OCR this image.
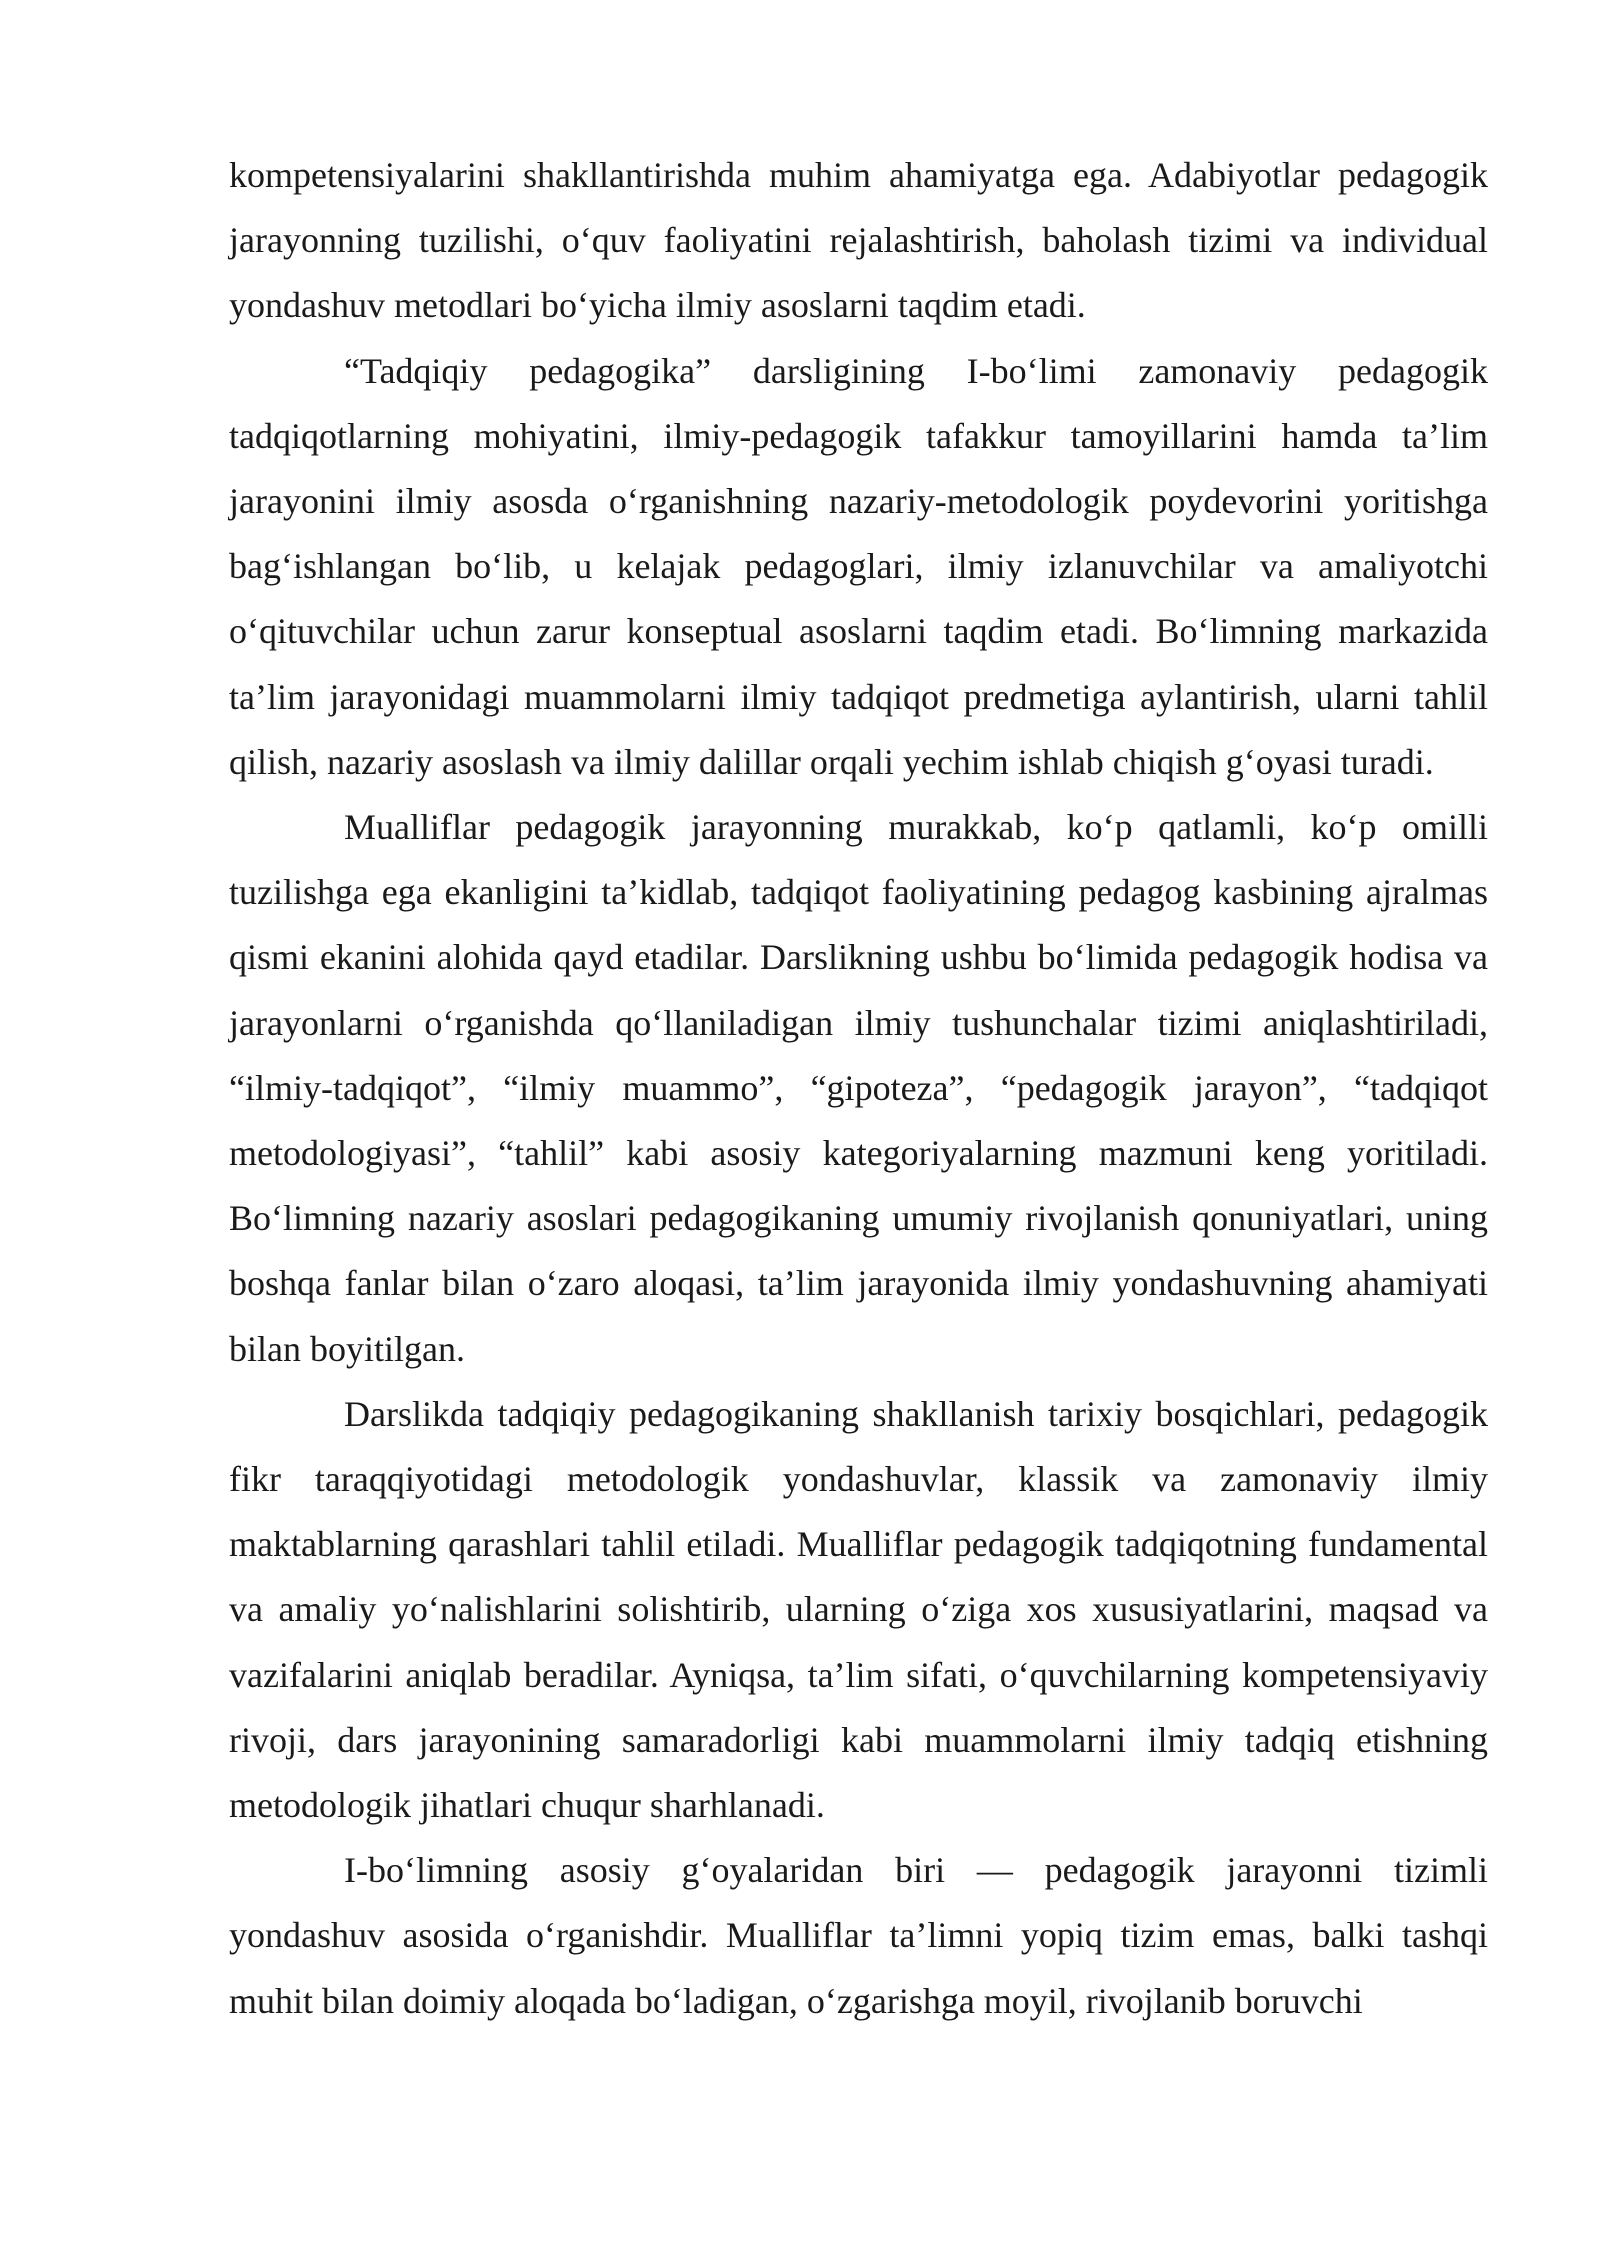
kompetensiyalarini shakllantirishda muhim ahamiyatga ega. Adabiyotlar pedagogik jarayonning tuzilishi, o‘quv faoliyatini rejalashtirish, baholash tizimi va individual yondashuv metodlari bo‘yicha ilmiy asoslarni taqdim etadi.

“Tadqiqiy pedagogika” darsligining I-bo‘limi zamonaviy pedagogik tadqiqotlarning mohiyatini, ilmiy-pedagogik tafakkur tamoyillarini hamda ta’lim jarayonini ilmiy asosda o‘rganishning nazariy-metodologik poydevorini yoritishga bag‘ishlangan bo‘lib, u kelajak pedagoglari, ilmiy izlanuvchilar va amaliyotchi o‘qituvchilar uchun zarur konseptual asoslarni taqdim etadi. Bo‘limning markazida ta’lim jarayonidagi muammolarni ilmiy tadqiqot predmetiga aylantirish, ularni tahlil qilish, nazariy asoslash va ilmiy dalillar orqali yechim ishlab chiqish g‘oyasi turadi.

Mualliflar pedagogik jarayonning murakkab, ko‘p qatlamli, ko‘p omilli tuzilishga ega ekanligini ta’kidlab, tadqiqot faoliyatining pedagog kasbining ajralmas qismi ekanini alohida qayd etadilar. Darslikning ushbu bo‘limida pedagogik hodisa va jarayonlarni o‘rganishda qo‘llaniladigan ilmiy tushunchalar tizimi aniqlashtiriladi, “ilmiy-tadqiqot”, “ilmiy muammo”, “gipoteza”, “pedagogik jarayon”, “tadqiqot metodologiyasi”, “tahlil” kabi asosiy kategoriyalarning mazmuni keng yoritiladi. Bo‘limning nazariy asoslari pedagogikaning umumiy rivojlanish qonuniyatlari, uning boshqa fanlar bilan o‘zaro aloqasi, ta’lim jarayonida ilmiy yondashuvning ahamiyati bilan boyitilgan.

Darslikda tadqiqiy pedagogikaning shakllanish tarixiy bosqichlari, pedagogik fikr taraqqiyotidagi metodologik yondashuvlar, klassik va zamonaviy ilmiy maktablarning qarashlari tahlil etiladi. Mualliflar pedagogik tadqiqotning fundamental va amaliy yo‘nalishlarini solishtirib, ularning o‘ziga xos xususiyatlarini, maqsad va vazifalarini aniqlab beradilar. Ayniqsa, ta’lim sifati, o‘quvchilarning kompetensiyaviy rivoji, dars jarayonining samaradorligi kabi muammolarni ilmiy tadqiq etishning metodologik jihatlari chuqur sharhlanadi.

I-bo‘limning asosiy g‘oyalaridan biri — pedagogik jarayonni tizimli yondashuv asosida o‘rganishdir. Mualliflar ta’limni yopiq tizim emas, balki tashqi muhit bilan doimiy aloqada bo‘ladigan, o‘zgarishga moyil, rivojlanib boruvchi
